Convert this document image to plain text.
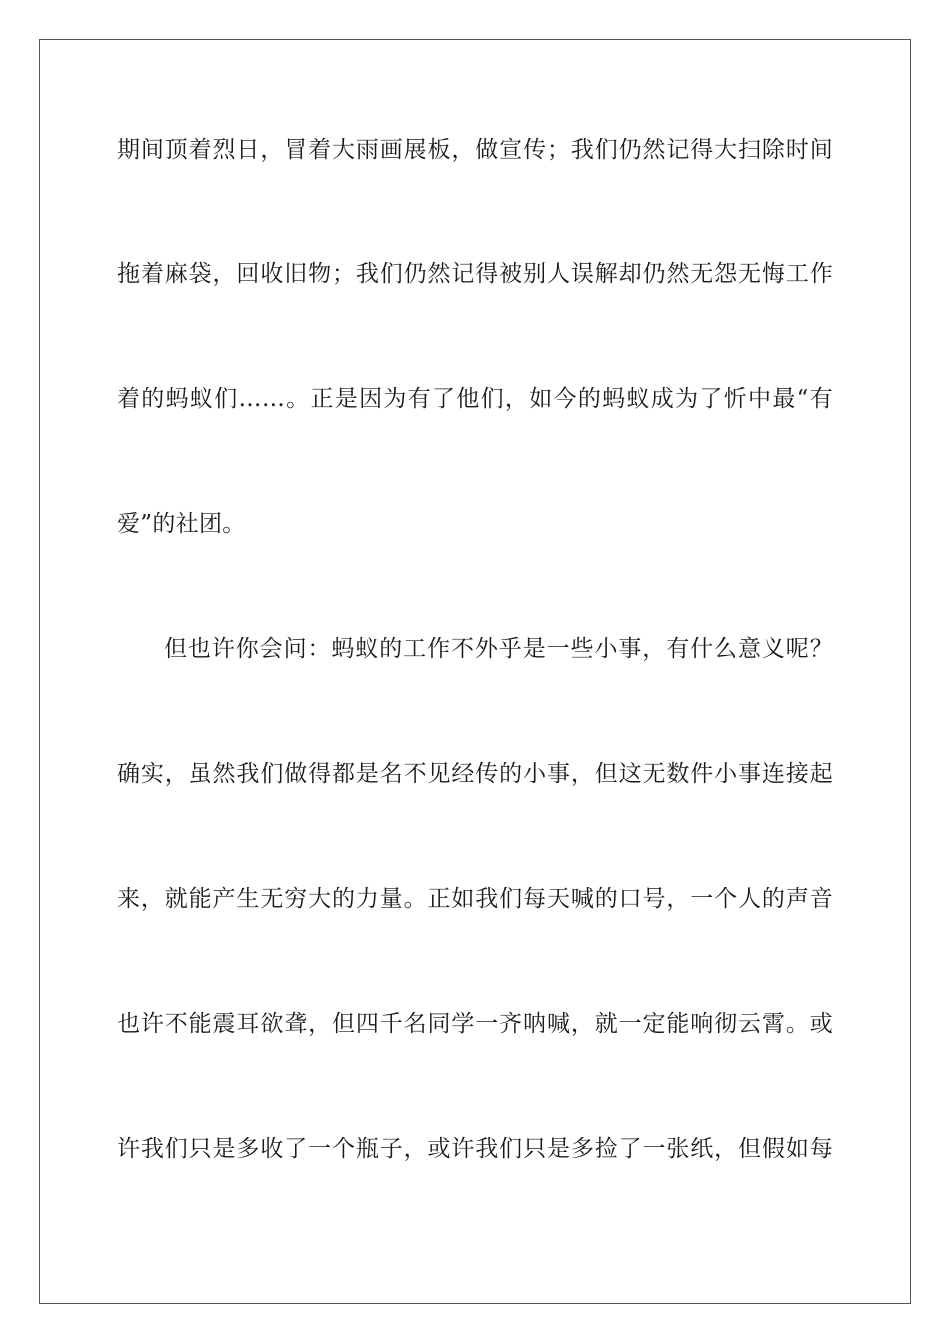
期间顶着烈日，冒着大雨画展板，做宣传；我们仍然记得大扫除时间
拖着麻袋，回收旧物；我们仍然记得被别人误解却仍然无怨无悔工作
着的蚂蚁们……。正是因为有了他们，如今的蚂蚁成为了忻中最“有
爱”的社团。
但也许你会问：蚂蚁的工作不外乎是一些小事，有什么意义呢？
确实，虽然我们做得都是名不见经传的小事，但这无数件小事连接起
来，就能产生无穷大的力量。正如我们每天喊的口号，一个人的声音
也许不能震耳欲聋，但四千名同学一齐呐喊，就一定能响彻云霄。或
许我们只是多收了一个瓶子，或许我们只是多捡了一张纸，但假如每
